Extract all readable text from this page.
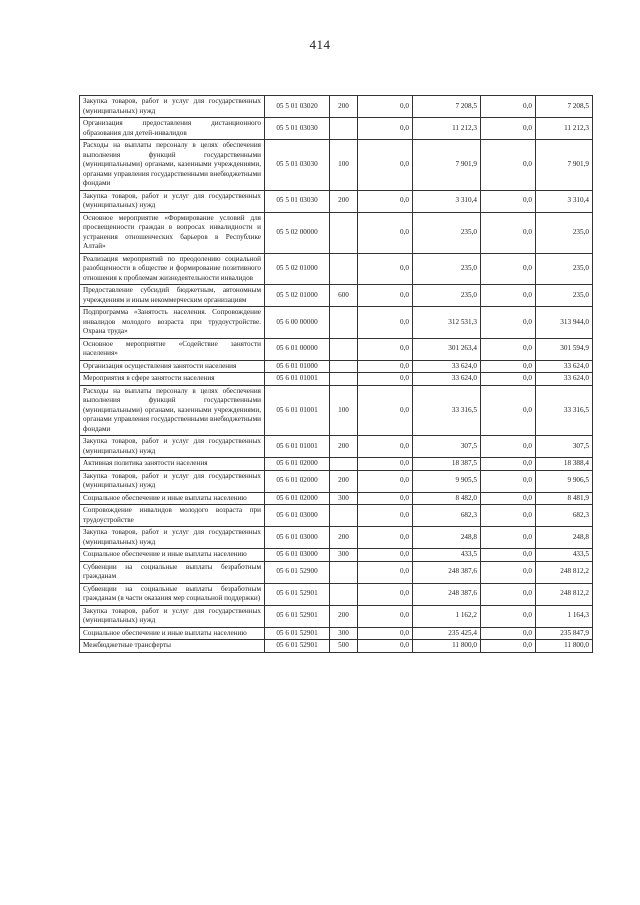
414
Закупка товаров, работ и услуг для государственных (муниципальных) нужд	05 5 01 03020	200	0,0	7 208,5	0,0	7 208,5
Организация предоставления дистанционного образования для детей-инвалидов	05 5 01 03030		0,0	11 212,3	0,0	11 212,3
Расходы на выплаты персоналу в целях обеспечения выполнения функций государственными (муниципальными) органами, казенными учреждениями, органами управления государственными внебюджетными фондами	05 5 01 03030	100	0,0	7 901,9	0,0	7 901,9
Закупка товаров, работ и услуг для государственных (муниципальных) нужд	05 5 01 03030	200	0,0	3 310,4	0,0	3 310,4
Основное мероприятие «Формирование условий для просвещенности граждан в вопросах инвалидности и устранения отношенческих барьеров в Республике Алтай»	05 5 02 00000		0,0	235,0	0,0	235,0
Реализация мероприятий по преодолению социальной разобщенности в обществе и формирование позитивного отношения к проблемам жизнедеятельности инвалидов	05 5 02 01000		0,0	235,0	0,0	235,0
Предоставление субсидий бюджетным, автономным учреждениям и иным некоммерческим организациям	05 5 02 01000	600	0,0	235,0	0,0	235,0
Подпрограмма «Занятость населения. Сопровождение инвалидов молодого возраста при трудоустройстве. Охрана труда»	05 6 00 00000		0,0	312 531,3	0,0	313 944,0
Основное мероприятие «Содействие занятости населения»	05 6 01 00000		0,0	301 263,4	0,0	301 594,9
Организация осуществления занятости населения	05 6 01 01000		0,0	33 624,0	0,0	33 624,0
Мероприятия в сфере занятости населения	05 6 01 01001		0,0	33 624,0	0,0	33 624,0
Расходы на выплаты персоналу в целях обеспечения выполнения функций государственными (муниципальными) органами, казенными учреждениями, органами управления государственными внебюджетными фондами	05 6 01 01001	100	0,0	33 316,5	0,0	33 316,5
Закупка товаров, работ и услуг для государственных (муниципальных) нужд	05 6 01 01001	200	0,0	307,5	0,0	307,5
Активная политика занятости населения	05 6 01 02000		0,0	18 387,5	0,0	18 388,4
Закупка товаров, работ и услуг для государственных (муниципальных) нужд	05 6 01 02000	200	0,0	9 905,5	0,0	9 906,5
Социальное обеспечение и иные выплаты населению	05 6 01 02000	300	0,0	8 482,0	0,0	8 481,9
Сопровождение инвалидов молодого возраста при трудоустройстве	05 6 01 03000		0,0	682,3	0,0	682,3
Закупка товаров, работ и услуг для государственных (муниципальных) нужд	05 6 01 03000	200	0,0	248,8	0,0	248,8
Социальное обеспечение и иные выплаты населению	05 6 01 03000	300	0,0	433,5	0,0	433,5
Субвенции на социальные выплаты безработным гражданам	05 6 01 52900		0,0	248 387,6	0,0	248 812,2
Субвенции на социальные выплаты безработным гражданам (в части оказания мер социальной поддержки)	05 6 01 52901		0,0	248 387,6	0,0	248 812,2
Закупка товаров, работ и услуг для государственных (муниципальных) нужд	05 6 01 52901	200	0,0	1 162,2	0,0	1 164,3
Социальное обеспечение и иные выплаты населению	05 6 01 52901	300	0,0	235 425,4	0,0	235 847,9
Межбюджетные трансферты	05 6 01 52901	500	0,0	11 800,0	0,0	11 800,0
